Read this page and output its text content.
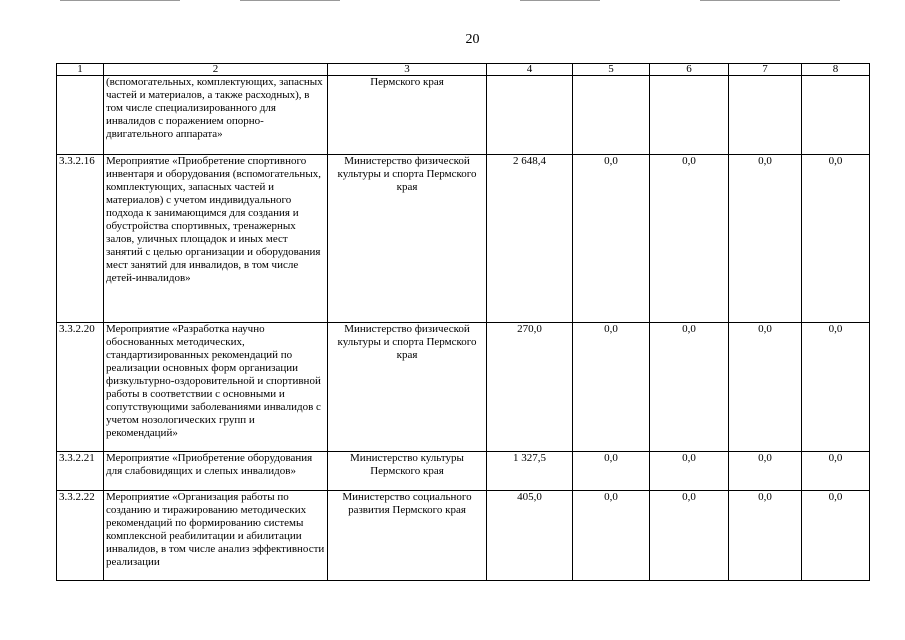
20
1	2	3	4	5	6	7	8
	(вспомогательных, комплектующих, запасных частей и материалов, а также расходных), в том числе специализированного для инвалидов с поражением опорно-двигательного аппарата»	Пермского края					
3.3.2.16	Мероприятие «Приобретение спортивного инвентаря и оборудования (вспомогательных, комплектующих, запасных частей и материалов) с учетом индивидуального подхода к занимающимся для создания и обустройства спортивных, тренажерных залов, уличных площадок и иных мест занятий с целью организации и оборудования мест занятий для инвалидов, в том числе детей-инвалидов»	Министерство физической культуры и спорта Пермского края	2 648,4	0,0	0,0	0,0	0,0
3.3.2.20	Мероприятие «Разработка научно обоснованных методических, стандартизированных рекомендаций по реализации основных форм организации физкультурно-оздоровительной и спортивной работы в соответствии с основными и сопутствующими заболеваниями инвалидов с учетом нозологических групп и рекомендаций»	Министерство физической культуры и спорта Пермского края	270,0	0,0	0,0	0,0	0,0
3.3.2.21	Мероприятие «Приобретение оборудования для слабовидящих и слепых инвалидов»	Министерство культуры Пермского края	1 327,5	0,0	0,0	0,0	0,0
3.3.2.22	Мероприятие «Организация работы по созданию и тиражированию методических рекомендаций по формированию системы комплексной реабилитации и абилитации инвалидов, в том числе анализ эффективности реализации	Министерство социального развития Пермского края	405,0	0,0	0,0	0,0	0,0
